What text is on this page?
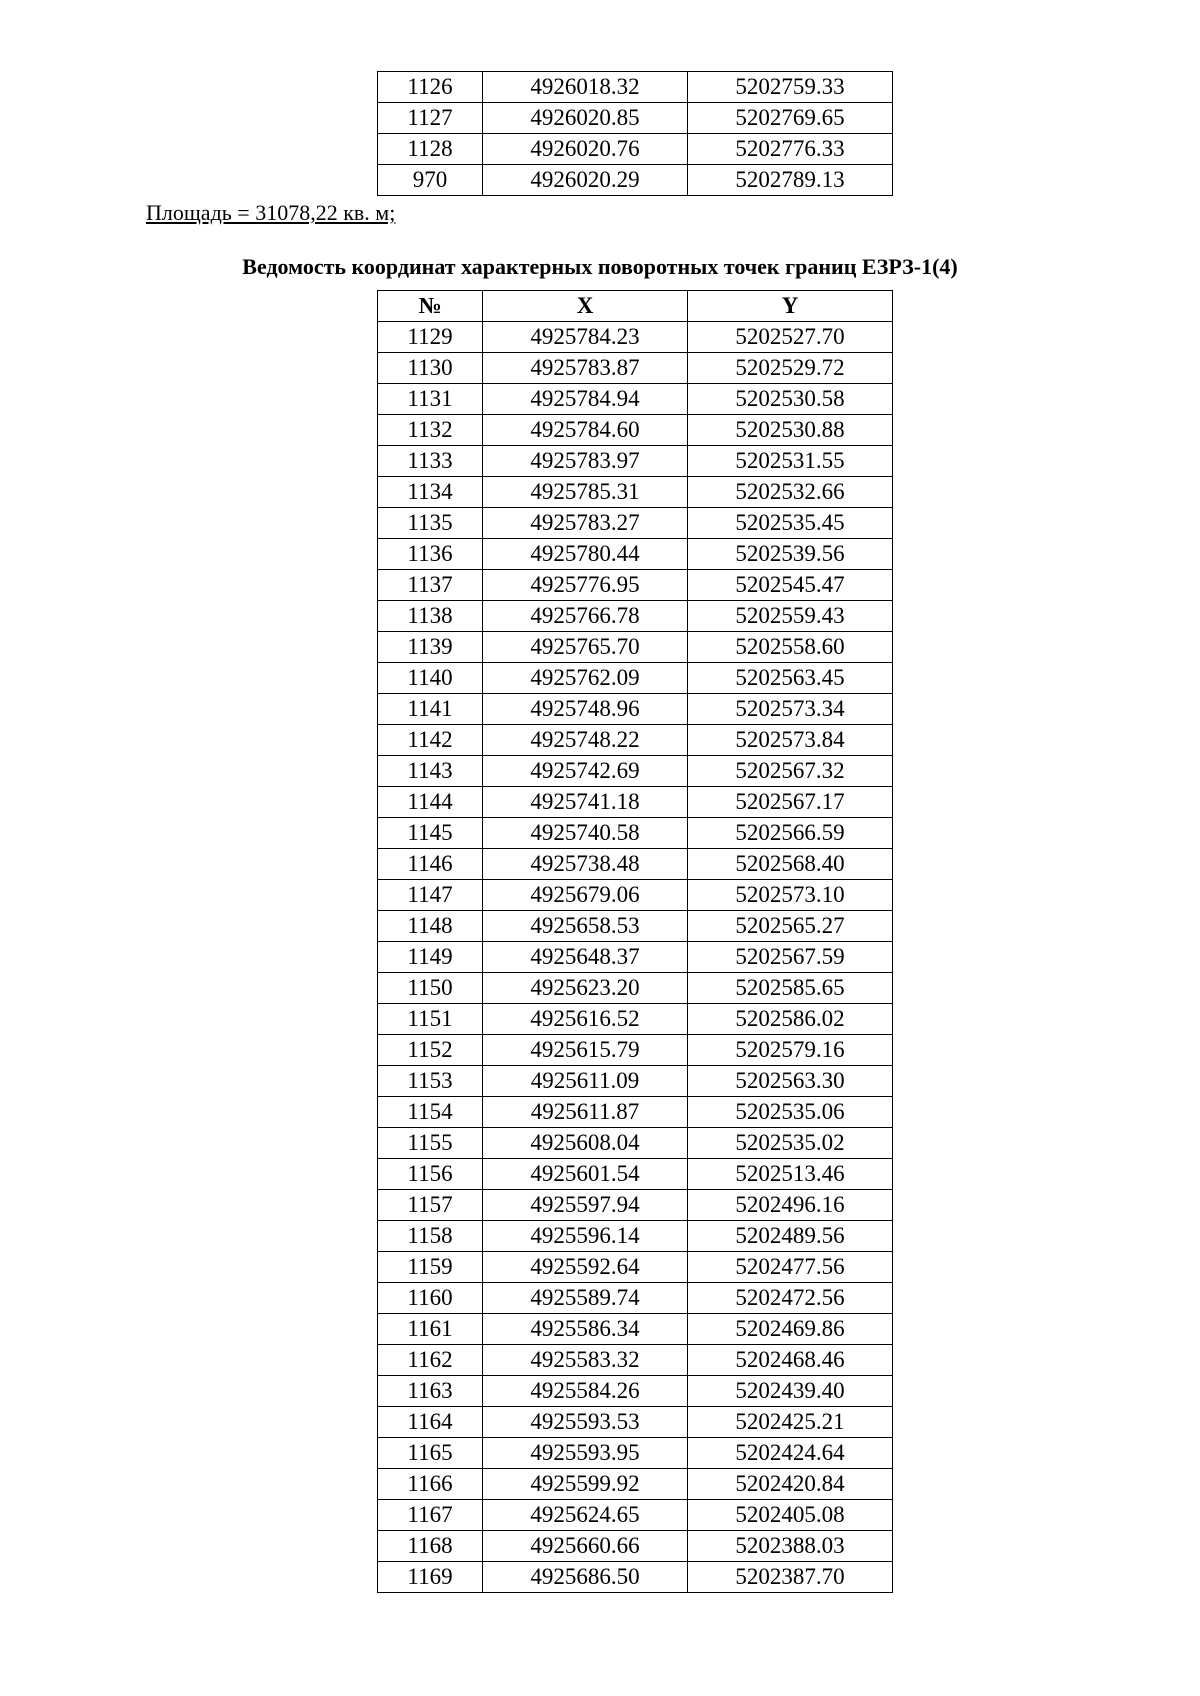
1126	4926018.32	5202759.33
1127	4926020.85	5202769.65
1128	4926020.76	5202776.33
970	4926020.29	5202789.13
Площадь = 31078,22 кв. м;
Ведомость координат характерных поворотных точек границ ЕЗРЗ-1(4)
№	X	Y
1129	4925784.23	5202527.70
1130	4925783.87	5202529.72
1131	4925784.94	5202530.58
1132	4925784.60	5202530.88
1133	4925783.97	5202531.55
1134	4925785.31	5202532.66
1135	4925783.27	5202535.45
1136	4925780.44	5202539.56
1137	4925776.95	5202545.47
1138	4925766.78	5202559.43
1139	4925765.70	5202558.60
1140	4925762.09	5202563.45
1141	4925748.96	5202573.34
1142	4925748.22	5202573.84
1143	4925742.69	5202567.32
1144	4925741.18	5202567.17
1145	4925740.58	5202566.59
1146	4925738.48	5202568.40
1147	4925679.06	5202573.10
1148	4925658.53	5202565.27
1149	4925648.37	5202567.59
1150	4925623.20	5202585.65
1151	4925616.52	5202586.02
1152	4925615.79	5202579.16
1153	4925611.09	5202563.30
1154	4925611.87	5202535.06
1155	4925608.04	5202535.02
1156	4925601.54	5202513.46
1157	4925597.94	5202496.16
1158	4925596.14	5202489.56
1159	4925592.64	5202477.56
1160	4925589.74	5202472.56
1161	4925586.34	5202469.86
1162	4925583.32	5202468.46
1163	4925584.26	5202439.40
1164	4925593.53	5202425.21
1165	4925593.95	5202424.64
1166	4925599.92	5202420.84
1167	4925624.65	5202405.08
1168	4925660.66	5202388.03
1169	4925686.50	5202387.70
